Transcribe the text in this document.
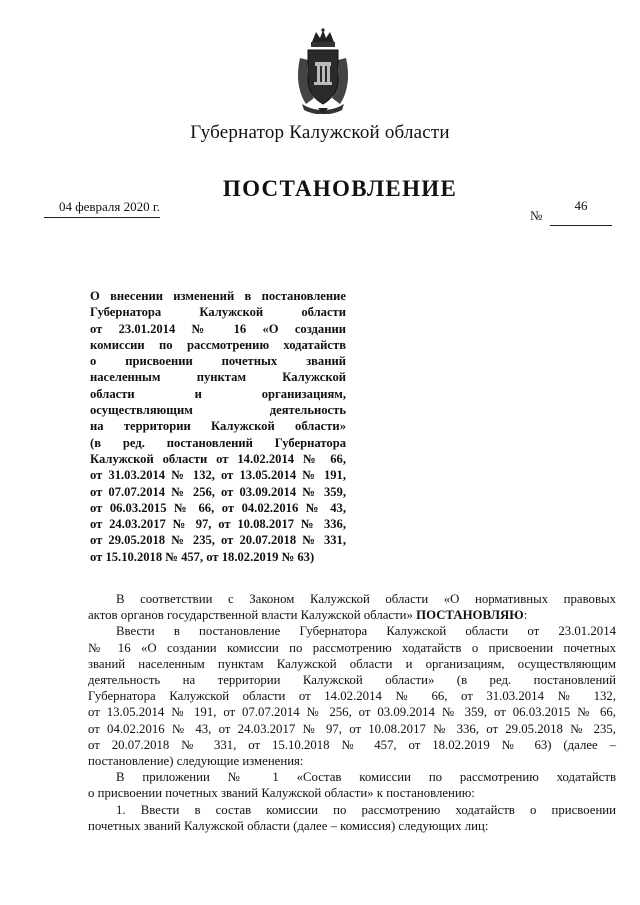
Губернатор Калужской области
ПОСТАНОВЛЕНИЕ
04 февраля 2020 г.
№
46
О внесении изменений в постановление
Губернатора Калужской области
от 23.01.2014 № 16 «О создании
комиссии по рассмотрению ходатайств
о присвоении почетных званий
населенным пунктам Калужской
области и организациям,
осуществляющим деятельность
на территории Калужской области»
(в ред. постановлений Губернатора
Калужской области от 14.02.2014 № 66,
от 31.03.2014 № 132, от 13.05.2014 № 191,
от 07.07.2014 № 256, от 03.09.2014 № 359,
от 06.03.2015 № 66, от 04.02.2016 № 43,
от 24.03.2017 № 97, от 10.08.2017 № 336,
от 29.05.2018 № 235, от 20.07.2018 № 331,
от 15.10.2018 № 457, от 18.02.2019 № 63)
В соответствии с Законом Калужской области «О нормативных правовых
актов органов государственной власти Калужской области» ПОСТАНОВЛЯЮ:
Ввести в постановление Губернатора Калужской области от 23.01.2014
№ 16 «О создании комиссии по рассмотрению ходатайств о присвоении почетных
званий населенным пунктам Калужской области и организациям, осуществляющим
деятельность на территории Калужской области» (в ред. постановлений
Губернатора Калужской области от 14.02.2014 № 66, от 31.03.2014 № 132,
от 13.05.2014 № 191, от 07.07.2014 № 256, от 03.09.2014 № 359, от 06.03.2015 № 66,
от 04.02.2016 № 43, от 24.03.2017 № 97, от 10.08.2017 № 336, от 29.05.2018 № 235,
от 20.07.2018 № 331, от 15.10.2018 № 457, от 18.02.2019 № 63) (далее –
постановление) следующие изменения:
В приложении № 1 «Состав комиссии по рассмотрению ходатайств
о присвоении почетных званий Калужской области» к постановлению:
1. Ввести в состав комиссии по рассмотрению ходатайств о присвоении
почетных званий Калужской области (далее – комиссия) следующих лиц:
